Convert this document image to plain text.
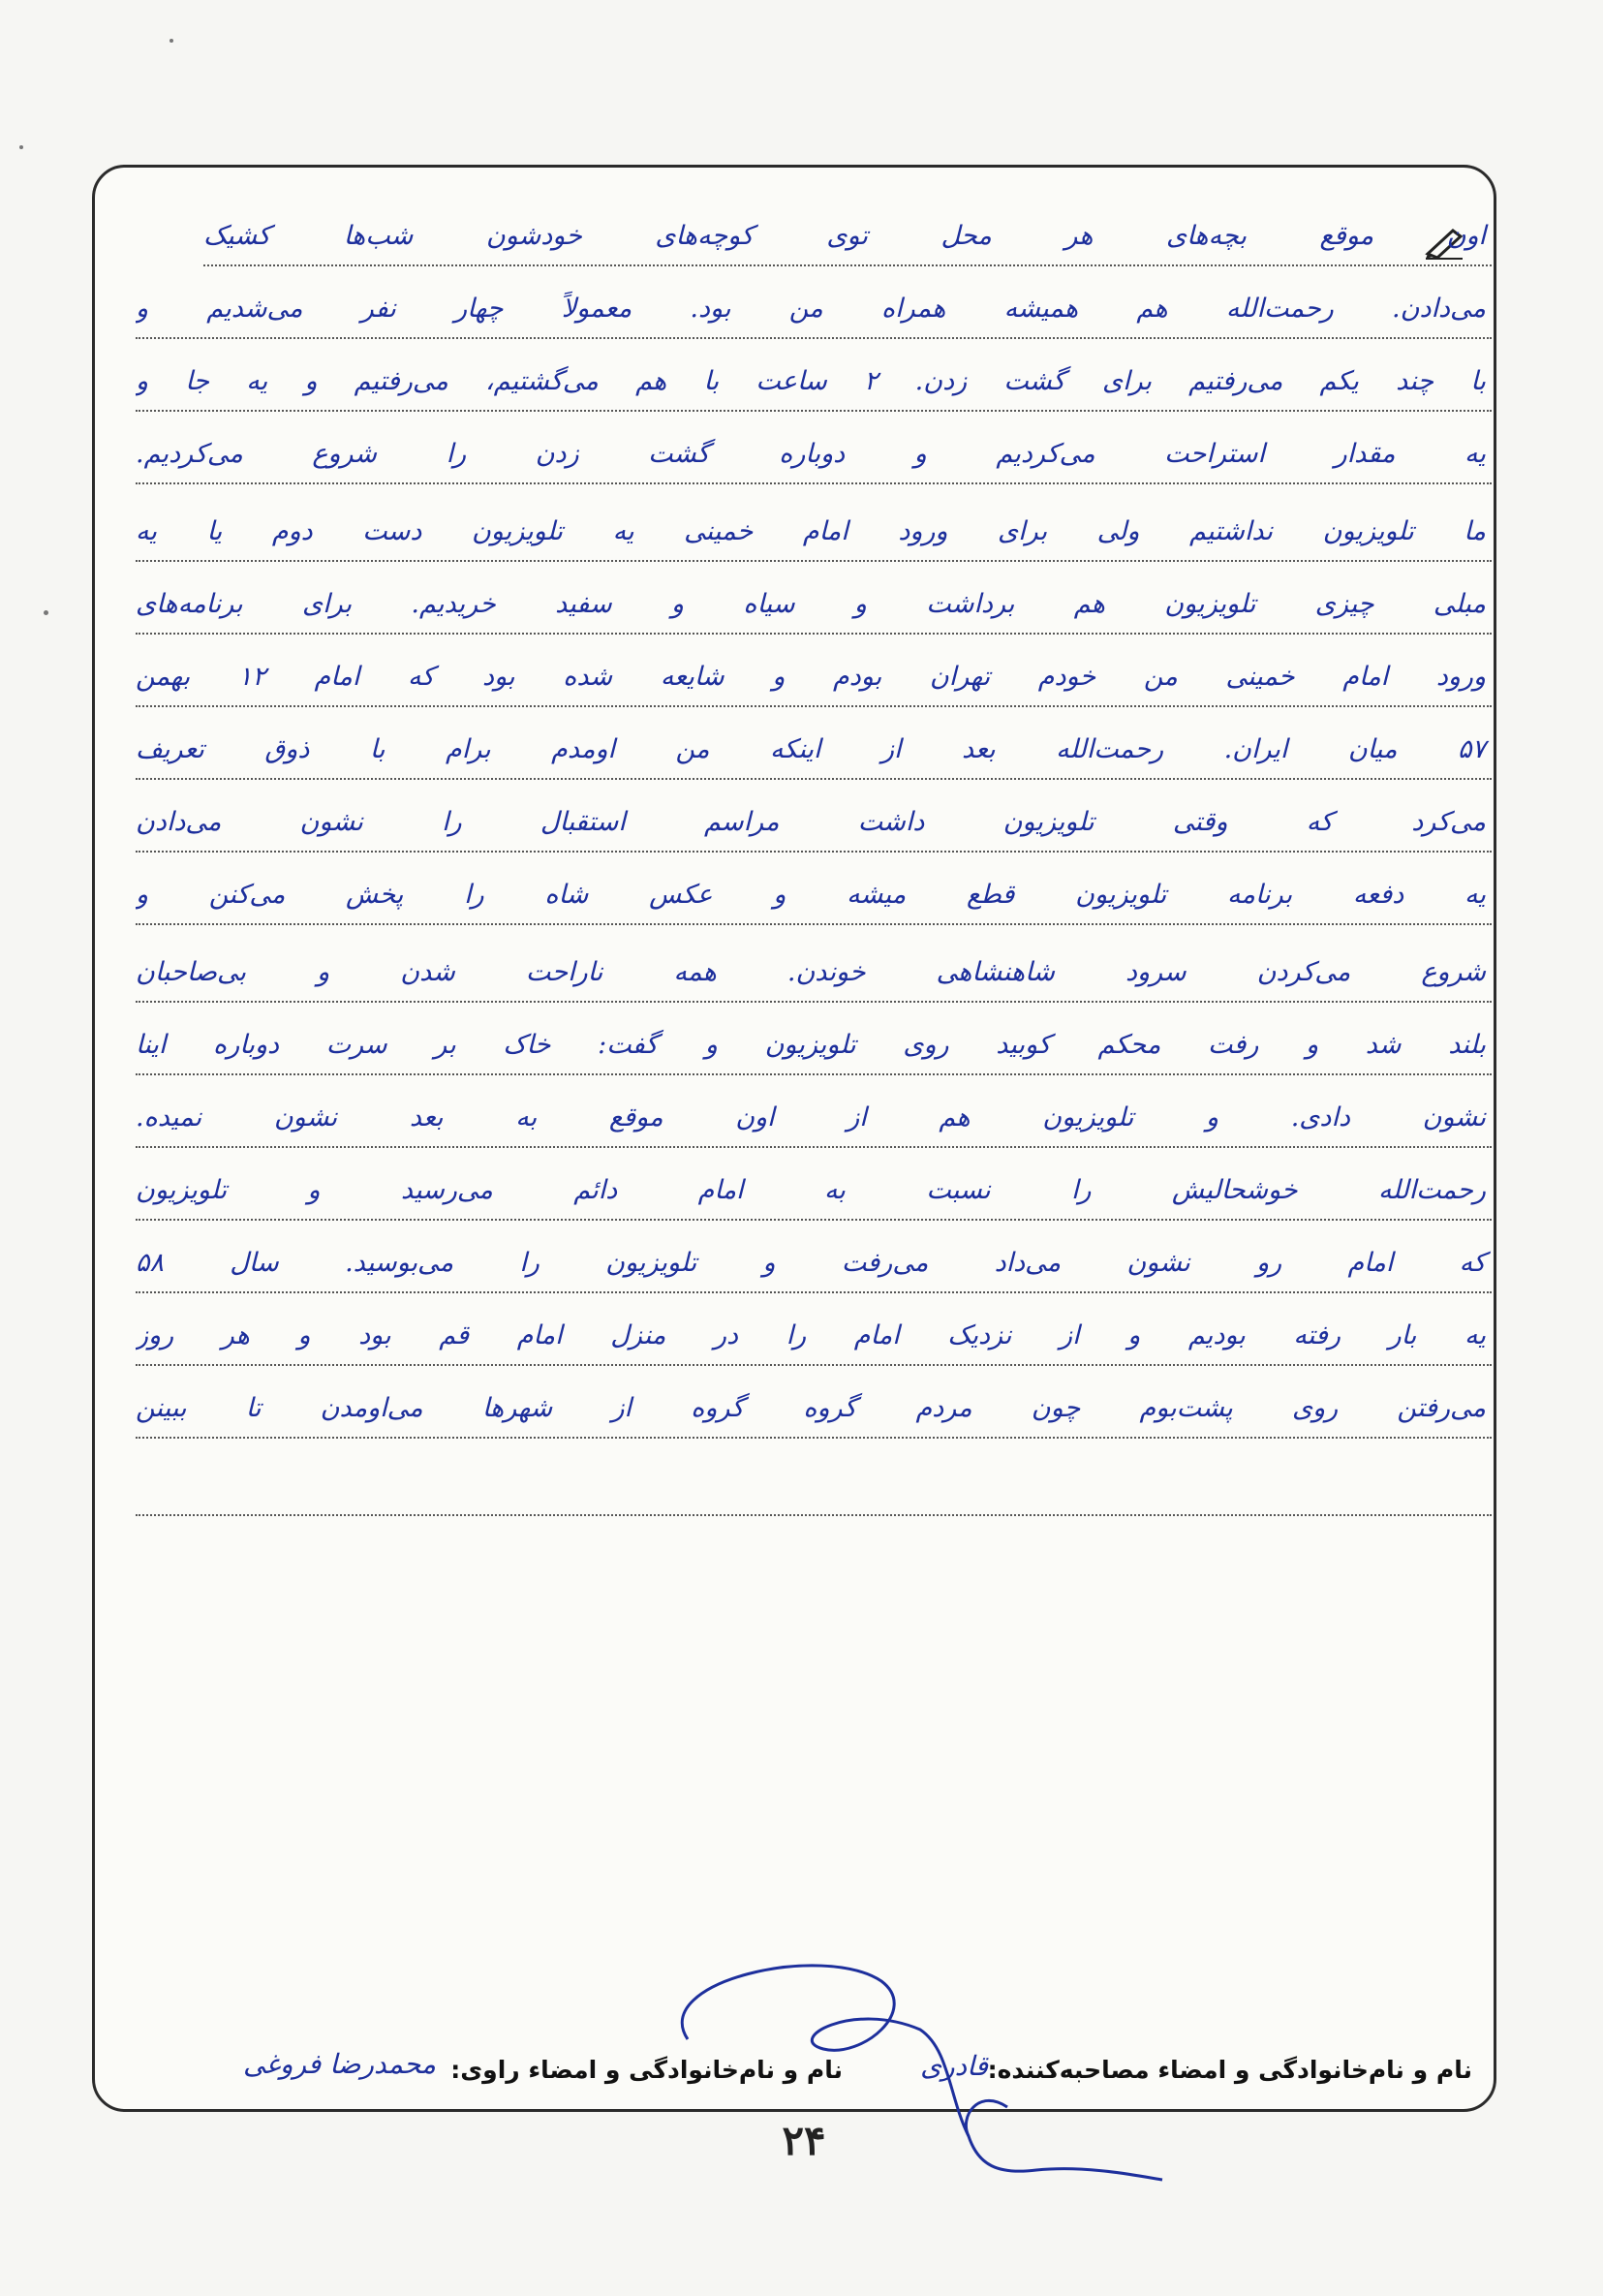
اون موقع بچه‌های هر محل توی کوچه‌های خودشون شب‌ها کشیک
می‌دادن. رحمت‌الله هم همیشه همراه من بود. معمولاً چهار نفر می‌شدیم و
با چند یکم می‌رفتیم برای گشت زدن. ۲ ساعت با هم می‌گشتیم، می‌رفتیم و یه جا و
یه مقدار استراحت می‌کردیم و دوباره گشت زدن را شروع می‌کردیم.
ما تلویزیون نداشتیم ولی برای ورود امام خمینی یه تلویزیون دست دوم یا یه
مبلی چیزی تلویزیون هم برداشت و سیاه و سفید خریدیم. برای برنامه‌های
ورود امام خمینی من خودم تهران بودم و شایعه شده بود که امام ۱۲ بهمن
۵۷ میان ایران. رحمت‌الله بعد از اینکه من اومدم برام با ذوق تعریف
می‌کرد که وقتی تلویزیون داشت مراسم استقبال را نشون می‌دادن
یه دفعه برنامه تلویزیون قطع میشه و عکس شاه را پخش می‌کنن و
شروع می‌کردن سرود شاهنشاهی خوندن. همه ناراحت شدن و بی‌صاحبان
بلند شد و رفت محکم کوبید روی تلویزیون و گفت: خاک بر سرت دوباره اینا
نشون دادی. و تلویزیون هم از اون موقع به بعد نشون نمیده.
رحمت‌الله خوشحالیش را نسبت به امام دائم می‌رسید و تلویزیون
که امام رو نشون می‌داد می‌رفت و تلویزیون را می‌بوسید. سال ۵۸
یه بار رفته بودیم و از نزدیک امام را در منزل امام قم بود و هر روز
می‌رفتن روی پشت‌بوم چون مردم گروه گروه از شهرها می‌اومدن تا ببینن
نام و نام‌خانوادگی و امضاء مصاحبه‌کننده:
قادری
نام و نام‌خانوادگی و امضاء راوی:
محمدرضا فروغی
۲۴
